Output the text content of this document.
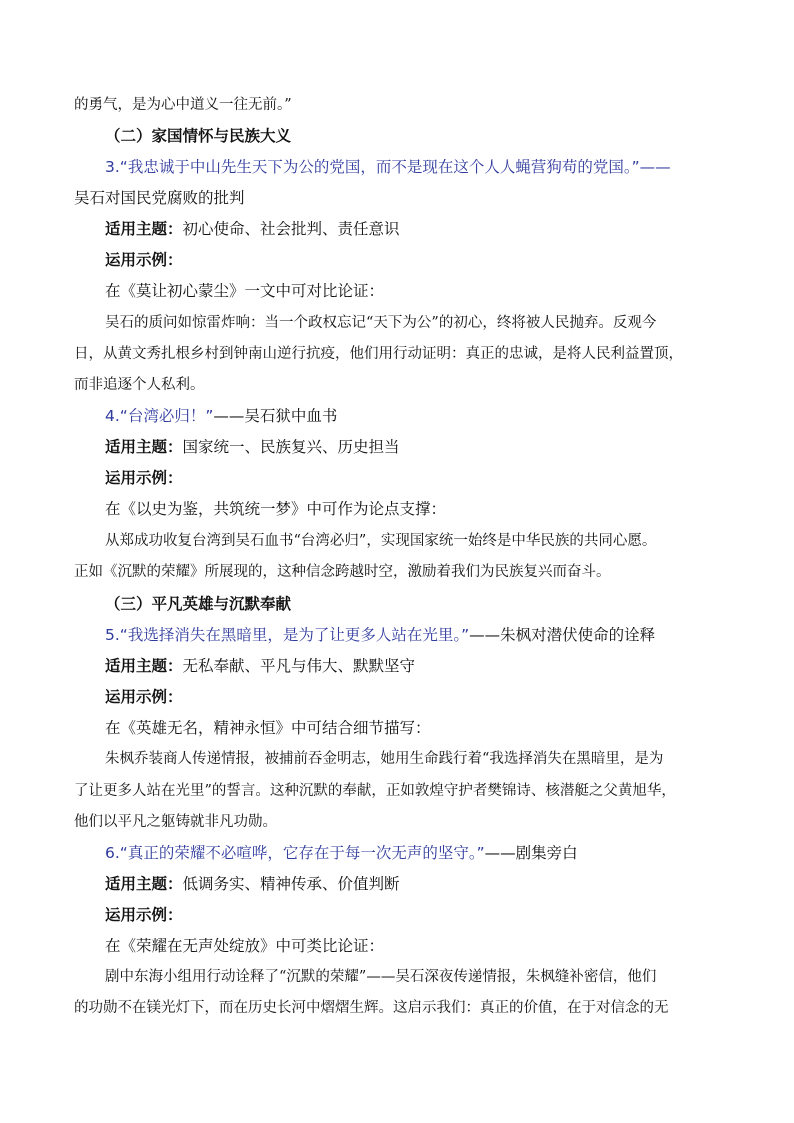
的勇气，是为心中道义一往无前。”
（二）家国情怀与民族大义
3.“我忠诚于中山先生天下为公的党国，而不是现在这个人人蝇营狗苟的党国。”——
吴石对国民党腐败的批判
适用主题：初心使命、社会批判、责任意识
运用示例：
在《莫让初心蒙尘》一文中可对比论证：
吴石的质问如惊雷炸响：当一个政权忘记“天下为公”的初心，终将被人民抛弃。反观今
日，从黄文秀扎根乡村到钟南山逆行抗疫，他们用行动证明：真正的忠诚，是将人民利益置顶，
而非追逐个人私利。
4.“台湾必归！”——吴石狱中血书
适用主题：国家统一、民族复兴、历史担当
运用示例：
在《以史为鉴，共筑统一梦》中可作为论点支撑：
从郑成功收复台湾到吴石血书“台湾必归”，实现国家统一始终是中华民族的共同心愿。
正如《沉默的荣耀》所展现的，这种信念跨越时空，激励着我们为民族复兴而奋斗。
（三）平凡英雄与沉默奉献
5.“我选择消失在黑暗里，是为了让更多人站在光里。”——朱枫对潜伏使命的诠释
适用主题：无私奉献、平凡与伟大、默默坚守
运用示例：
在《英雄无名，精神永恒》中可结合细节描写：
朱枫乔装商人传递情报，被捕前吞金明志，她用生命践行着“我选择消失在黑暗里，是为
了让更多人站在光里”的誓言。这种沉默的奉献，正如敦煌守护者樊锦诗、核潜艇之父黄旭华，
他们以平凡之躯铸就非凡功勋。
6.“真正的荣耀不必喧哗，它存在于每一次无声的坚守。”——剧集旁白
适用主题：低调务实、精神传承、价值判断
运用示例：
在《荣耀在无声处绽放》中可类比论证：
剧中东海小组用行动诠释了“沉默的荣耀”——吴石深夜传递情报，朱枫缝补密信，他们
的功勋不在镁光灯下，而在历史长河中熠熠生辉。这启示我们：真正的价值，在于对信念的无
